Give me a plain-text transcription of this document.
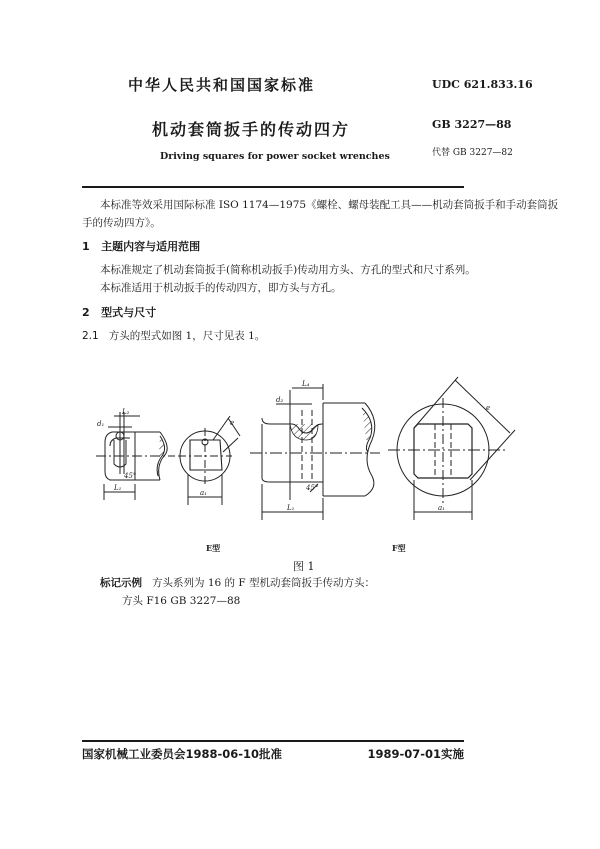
中华人民共和国国家标准	UDC 621.833.16
机动套筒扳手的传动四方	GB 3227—88
Driving squares for power socket wrenches	代替 GB 3227—82
本标准等效采用国际标准 ISO 1174—1975《螺栓、螺母装配工具——机动套筒扳手和手动套筒扳
手的传动四方》。
1 主题内容与适用范围
本标准规定了机动套筒扳手(简称机动扳手)传动用方头、方孔的型式和尺寸系列。
本标准适用于机动扳手的传动四方，即方头与方孔。
2 型式与尺寸
2.1 方头的型式如图 1，尺寸见表 1。
L₂
d₁
L₁
45°
a₁
e
L₄
d₂
L₁
45°
a₁
e
E型	F型
图 1
标记示例 方头系列为 16 的 F 型机动套筒扳手传动方头：
方头 F16 GB 3227—88
国家机械工业委员会1988-06-10批准	1989-07-01实施
